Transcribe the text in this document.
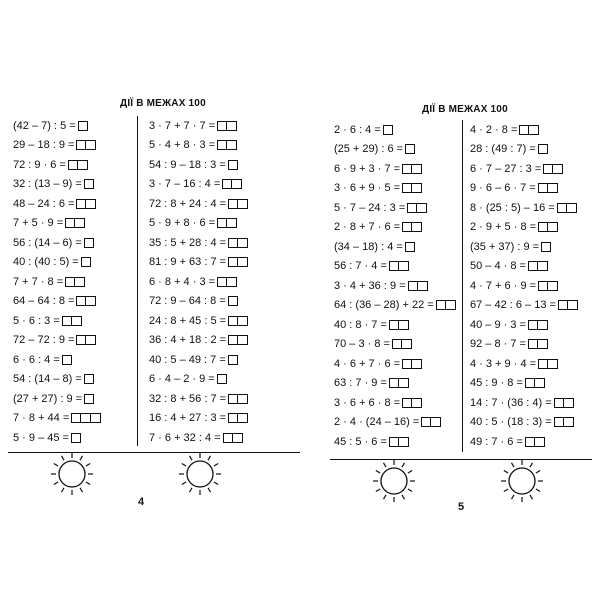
ДІЇ В МЕЖАХ 100
(42 – 7) : 5 =
29 – 18 : 9 =
72 : 9 · 6 =
32 : (13 – 9) =
48 – 24 : 6 =
7 + 5 · 9 =
56 : (14 – 6) =
40 : (40 : 5) =
7 + 7 · 8 =
64 – 64 : 8 =
5 · 6 : 3 =
72 – 72 : 9 =
6 · 6 : 4 =
54 : (14 – 8) =
(27 + 27) : 9 =
7 · 8 + 44 =
5 · 9 – 45 =
3 · 7 + 7 · 7 =
5 · 4 + 8 · 3 =
54 : 9 – 18 : 3 =
3 · 7 – 16 : 4 =
72 : 8 + 24 : 4 =
5 · 9 + 8 · 6 =
35 : 5 + 28 : 4 =
81 : 9 + 63 : 7 =
6 · 8 + 4 · 3 =
72 : 9 – 64 : 8 =
24 : 8 + 45 : 5 =
36 : 4 + 18 : 2 =
40 : 5 – 49 : 7 =
6 · 4 – 2 · 9 =
32 : 8 + 56 : 7 =
16 : 4 + 27 : 3 =
7 · 6 + 32 : 4 =
4
ДІЇ В МЕЖАХ 100
2 · 6 : 4 =
(25 + 29) : 6 =
6 · 9 + 3 · 7 =
3 · 6 + 9 · 5 =
5 · 7 – 24 : 3 =
2 · 8 + 7 · 6 =
(34 – 18) : 4 =
56 : 7 · 4 =
3 · 4 + 36 : 9 =
64 : (36 – 28) + 22 =
40 : 8 · 7 =
70 – 3 · 8 =
4 · 6 + 7 · 6 =
63 : 7 · 9 =
3 · 6 + 6 · 8 =
2 · 4 · (24 – 16) =
45 : 5 · 6 =
4 · 2 · 8 =
28 : (49 : 7) =
6 · 7 – 27 : 3 =
9 · 6 – 6 · 7 =
8 · (25 : 5) – 16 =
2 · 9 + 5 · 8 =
(35 + 37) : 9 =
50 – 4 · 8 =
4 · 7 + 6 · 9 =
67 – 42 : 6 – 13 =
40 – 9 · 3 =
92 – 8 · 7 =
4 · 3 + 9 · 4 =
45 : 9 · 8 =
14 : 7 · (36 : 4) =
40 : 5 · (18 : 3) =
49 : 7 · 6 =
5
